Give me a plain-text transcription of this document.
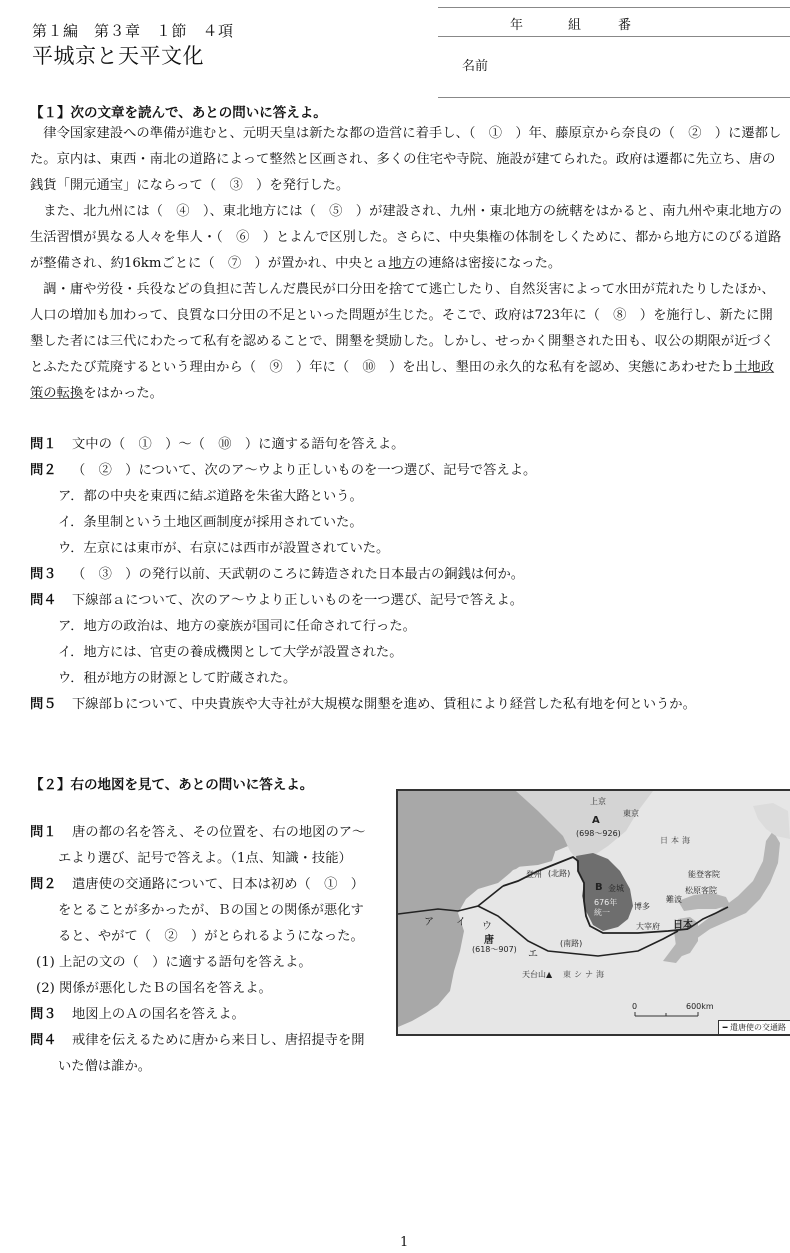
第１編　第３章　１節　４項
平城京と天平文化
年	組	番
名前
【１】次の文章を読んで、あとの問いに答えよ。

律令国家建設への準備が進むと、元明天皇は新たな都の造営に着手し、（　①　）年、藤原京から奈良の（　②　）に遷都した。京内は、東西・南北の道路によって整然と区画され、多くの住宅や寺院、施設が建てられた。政府は遷都に先立ち、唐の銭貨「開元通宝」にならって（　③　）を発行した。

また、北九州には（　④　）、東北地方には（　⑤　）が建設され、九州・東北地方の統轄をはかると、南九州や東北地方の生活習慣が異なる人々を隼人・（　⑥　）とよんで区別した。さらに、中央集権の体制をしくために、都から地方にのびる道路が整備され、約16kmごとに（　⑦　）が置かれ、中央とａ地方の連絡は密接になった。

調・庸や労役・兵役などの負担に苦しんだ農民が口分田を捨てて逃亡したり、自然災害によって水田が荒れたりしたほか、人口の増加も加わって、良質な口分田の不足といった問題が生じた。そこで、政府は723年に（　⑧　）を施行し、新たに開墾した者には三代にわたって私有を認めることで、開墾を奨励した。しかし、せっかく開墾された田も、収公の期限が近づくとふたたび荒廃するという理由から（　⑨　）年に（　⑩　）を出し、墾田の永久的な私有を認め、実態にあわせたｂ土地政策の転換をはかった。

問１ 文中の（　①　）～（　⑩　）に適する語句を答えよ。
問２ （　②　）について、次のア～ウより正しいものを一つ選び、記号で答えよ。
ア．都の中央を東西に結ぶ道路を朱雀大路という。
イ．条里制という土地区画制度が採用されていた。
ウ．左京には東市が、右京には西市が設置されていた。
問３ （　③　）の発行以前、天武朝のころに鋳造された日本最古の銅銭は何か。
問４ 下線部ａについて、次のア～ウより正しいものを一つ選び、記号で答えよ。
ア．地方の政治は、地方の豪族が国司に任命されて行った。
イ．地方には、官吏の養成機関として大学が設置された。
ウ．租が地方の財源として貯蔵された。
問５ 下線部ｂについて、中央貴族や大寺社が大規模な開墾を進め、賃租により経営した私有地を何というか。
【２】右の地図を見て、あとの問いに答えよ。
問１ 唐の都の名を答え、その位置を、右の地図のア～
エより選び、記号で答えよ。（1点、知識・技能）
問２ 遣唐使の交通路について、日本は初め（　①　）
をとることが多かったが、Ｂの国との関係が悪化す
ると、やがて（　②　）がとられるようになった。
(1) 上記の文の（　）に適する語句を答えよ。
(2) 関係が悪化したＢの国名を答えよ。
問３ 地図上のＡの国名を答えよ。
問４ 戒律を伝えるために唐から来日し、唐招提寺を開
いた僧は誰か。
上京
東京
A
(698～926)
日本海
登州 (北路)
B 金城
676年
統一
能登客院
松原客院
難波
博多
大宰府 日本
ア イ ウ
エ
唐
(618～907)
(南路)
天台山▲ 東シナ海
0	600km
━ 遣唐使の交通路
1
